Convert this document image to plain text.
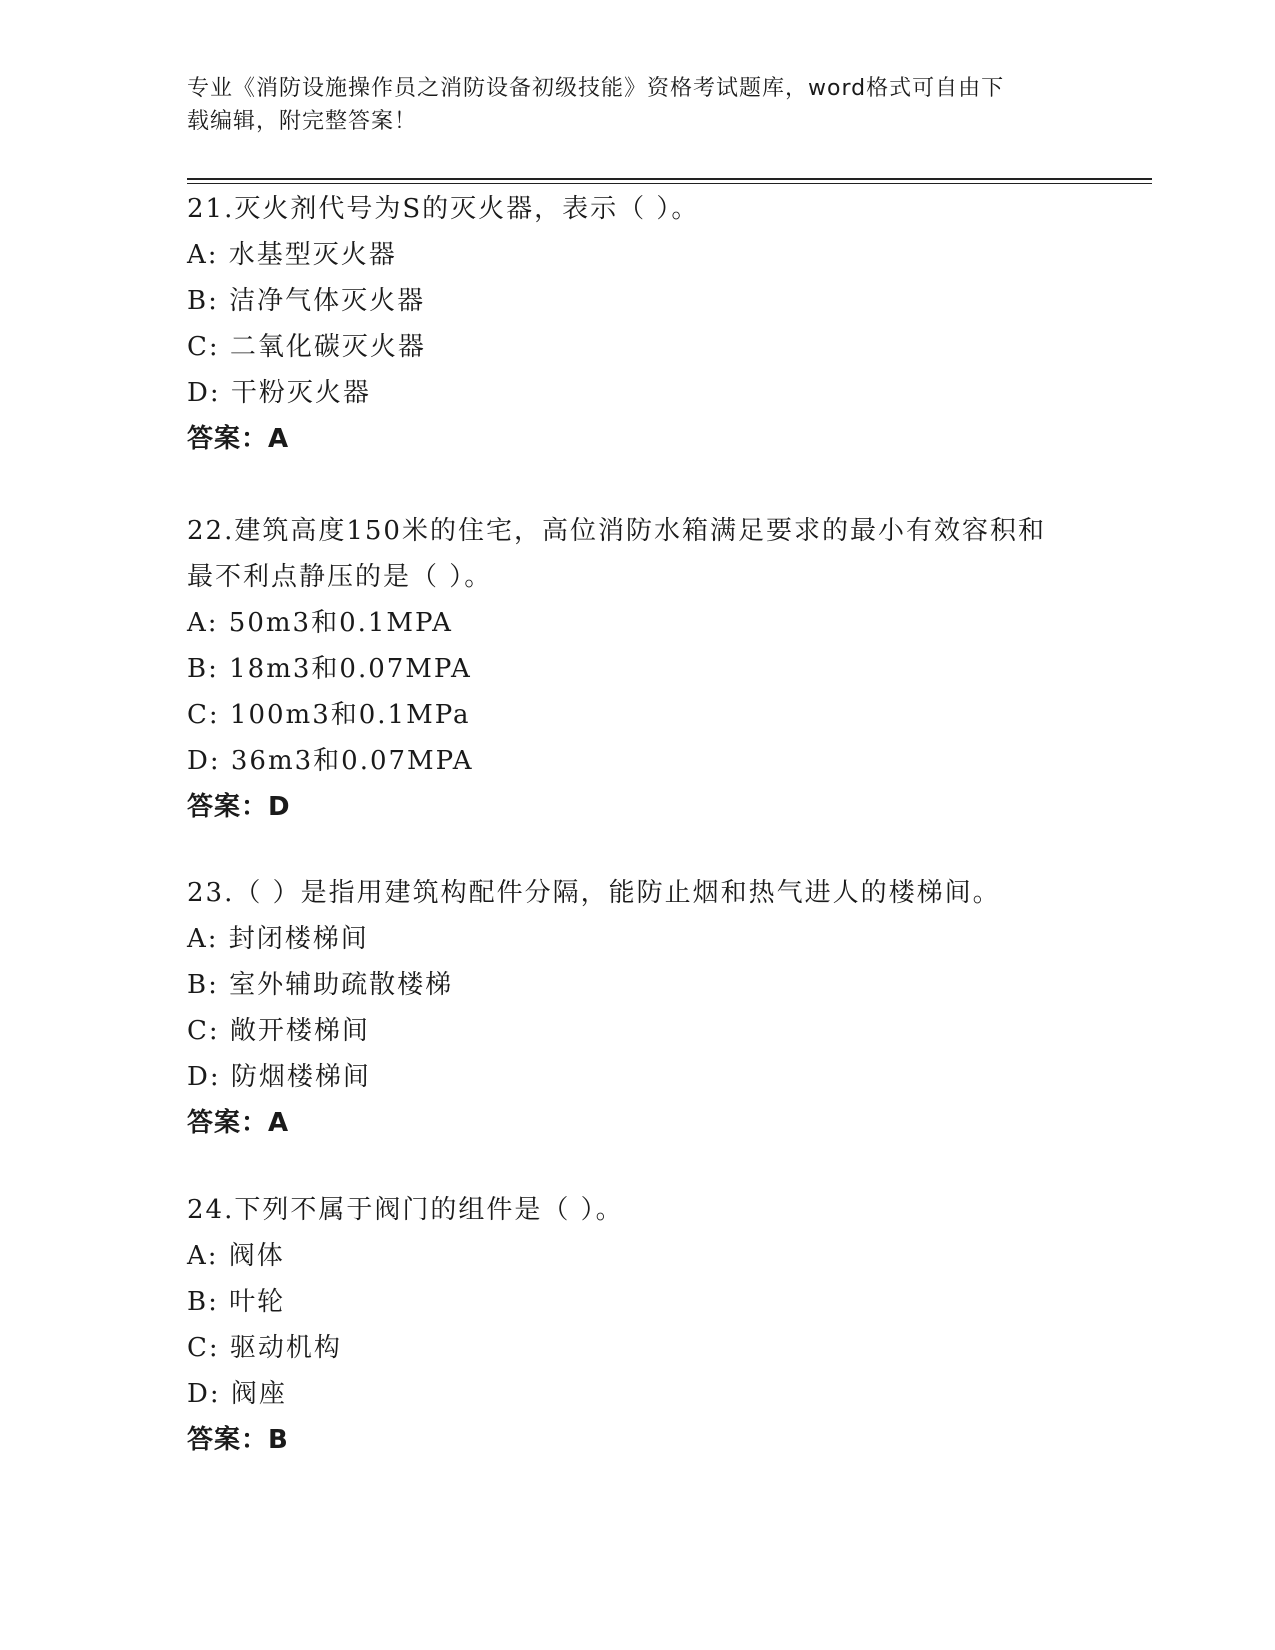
专业《消防设施操作员之消防设备初级技能》资格考试题库，word格式可自由下
载编辑，附完整答案！
21.灭火剂代号为S的灭火器，表示（ ）。
A: 水基型灭火器
B: 洁净气体灭火器
C: 二氧化碳灭火器
D: 干粉灭火器
答案：A
22.建筑高度150米的住宅，高位消防水箱满足要求的最小有效容积和
最不利点静压的是（ ）。
A: 50m3和0.1MPA
B: 18m3和0.07MPA
C: 100m3和0.1MPa
D: 36m3和0.07MPA
答案：D
23.（ ）是指用建筑构配件分隔，能防止烟和热气进人的楼梯间。
A: 封闭楼梯间
B: 室外辅助疏散楼梯
C: 敞开楼梯间
D: 防烟楼梯间
答案：A
24.下列不属于阀门的组件是（ ）。
A: 阀体
B: 叶轮
C: 驱动机构
D: 阀座
答案：B
